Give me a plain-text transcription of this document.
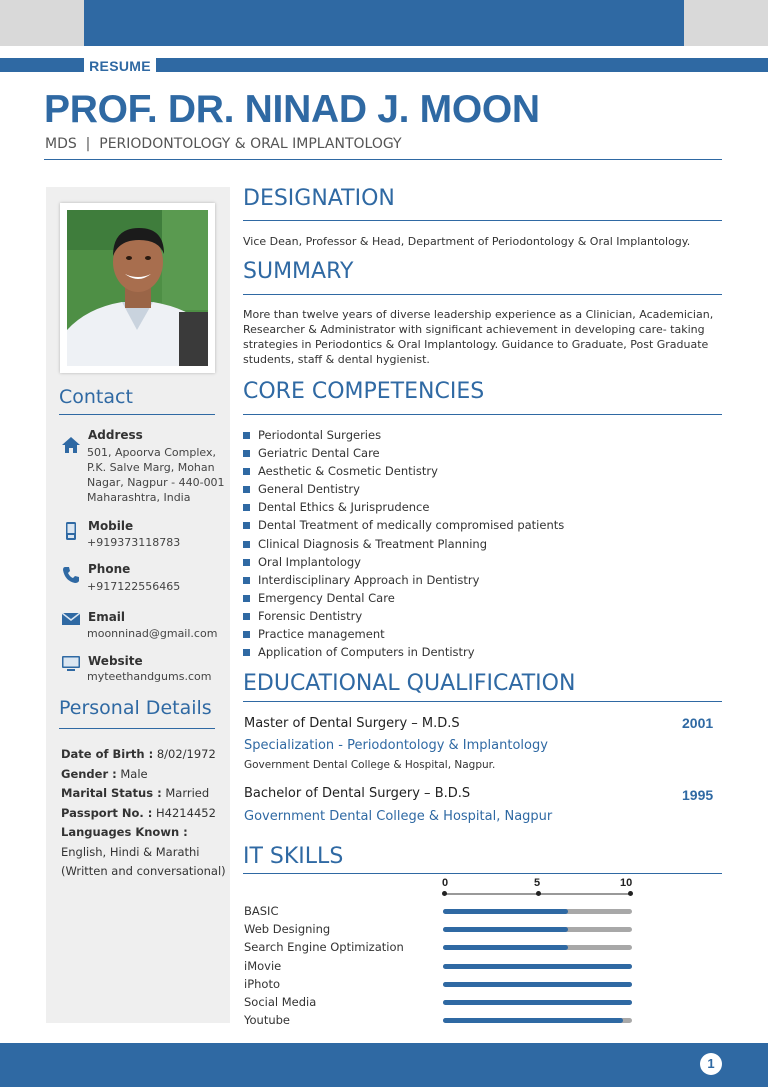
RESUME
PROF. DR. NINAD J. MOON
MDS  |  PERIODONTOLOGY & ORAL IMPLANTOLOGY
Contact
Address
501, Apoorva Complex,
P.K. Salve Marg, Mohan
Nagar, Nagpur - 440-001
Maharashtra, India
Mobile
+919373118783
Phone
+917122556465
Email
moonninad@gmail.com
Website
myteethandgums.com
Personal Details
Date of Birth : 8/02/1972
Gender : Male
Marital Status : Married
Passport No. : H4214452
Languages Known : English, Hindi & Marathi (Written and conversational)
DESIGNATION
Vice Dean, Professor & Head, Department of Periodontology & Oral Implantology.
SUMMARY
More than twelve years of diverse leadership experience as a Clinician, Academician, Researcher & Administrator with significant achievement in developing care- taking strategies in Periodontics & Oral Implantology. Guidance to Graduate, Post Graduate students, staff & dental hygienist.
CORE COMPETENCIES
Periodontal Surgeries
Geriatric Dental Care
Aesthetic & Cosmetic Dentistry
General Dentistry
Dental Ethics & Jurisprudence
Dental Treatment of medically compromised patients
Clinical Diagnosis & Treatment Planning
Oral Implantology
Interdisciplinary Approach in Dentistry
Emergency Dental Care
Forensic Dentistry
Practice management
Application of Computers in Dentistry
EDUCATIONAL QUALIFICATION
Master of Dental Surgery – M.D.S	2001
Specialization - Periodontology & Implantology
Government Dental College & Hospital, Nagpur.
Bachelor of Dental Surgery – B.D.S	1995
Government Dental College & Hospital, Nagpur
IT SKILLS
0	5	10
BASIC
Web Designing
Search Engine Optimization
iMovie
iPhoto
Social Media
Youtube
1
